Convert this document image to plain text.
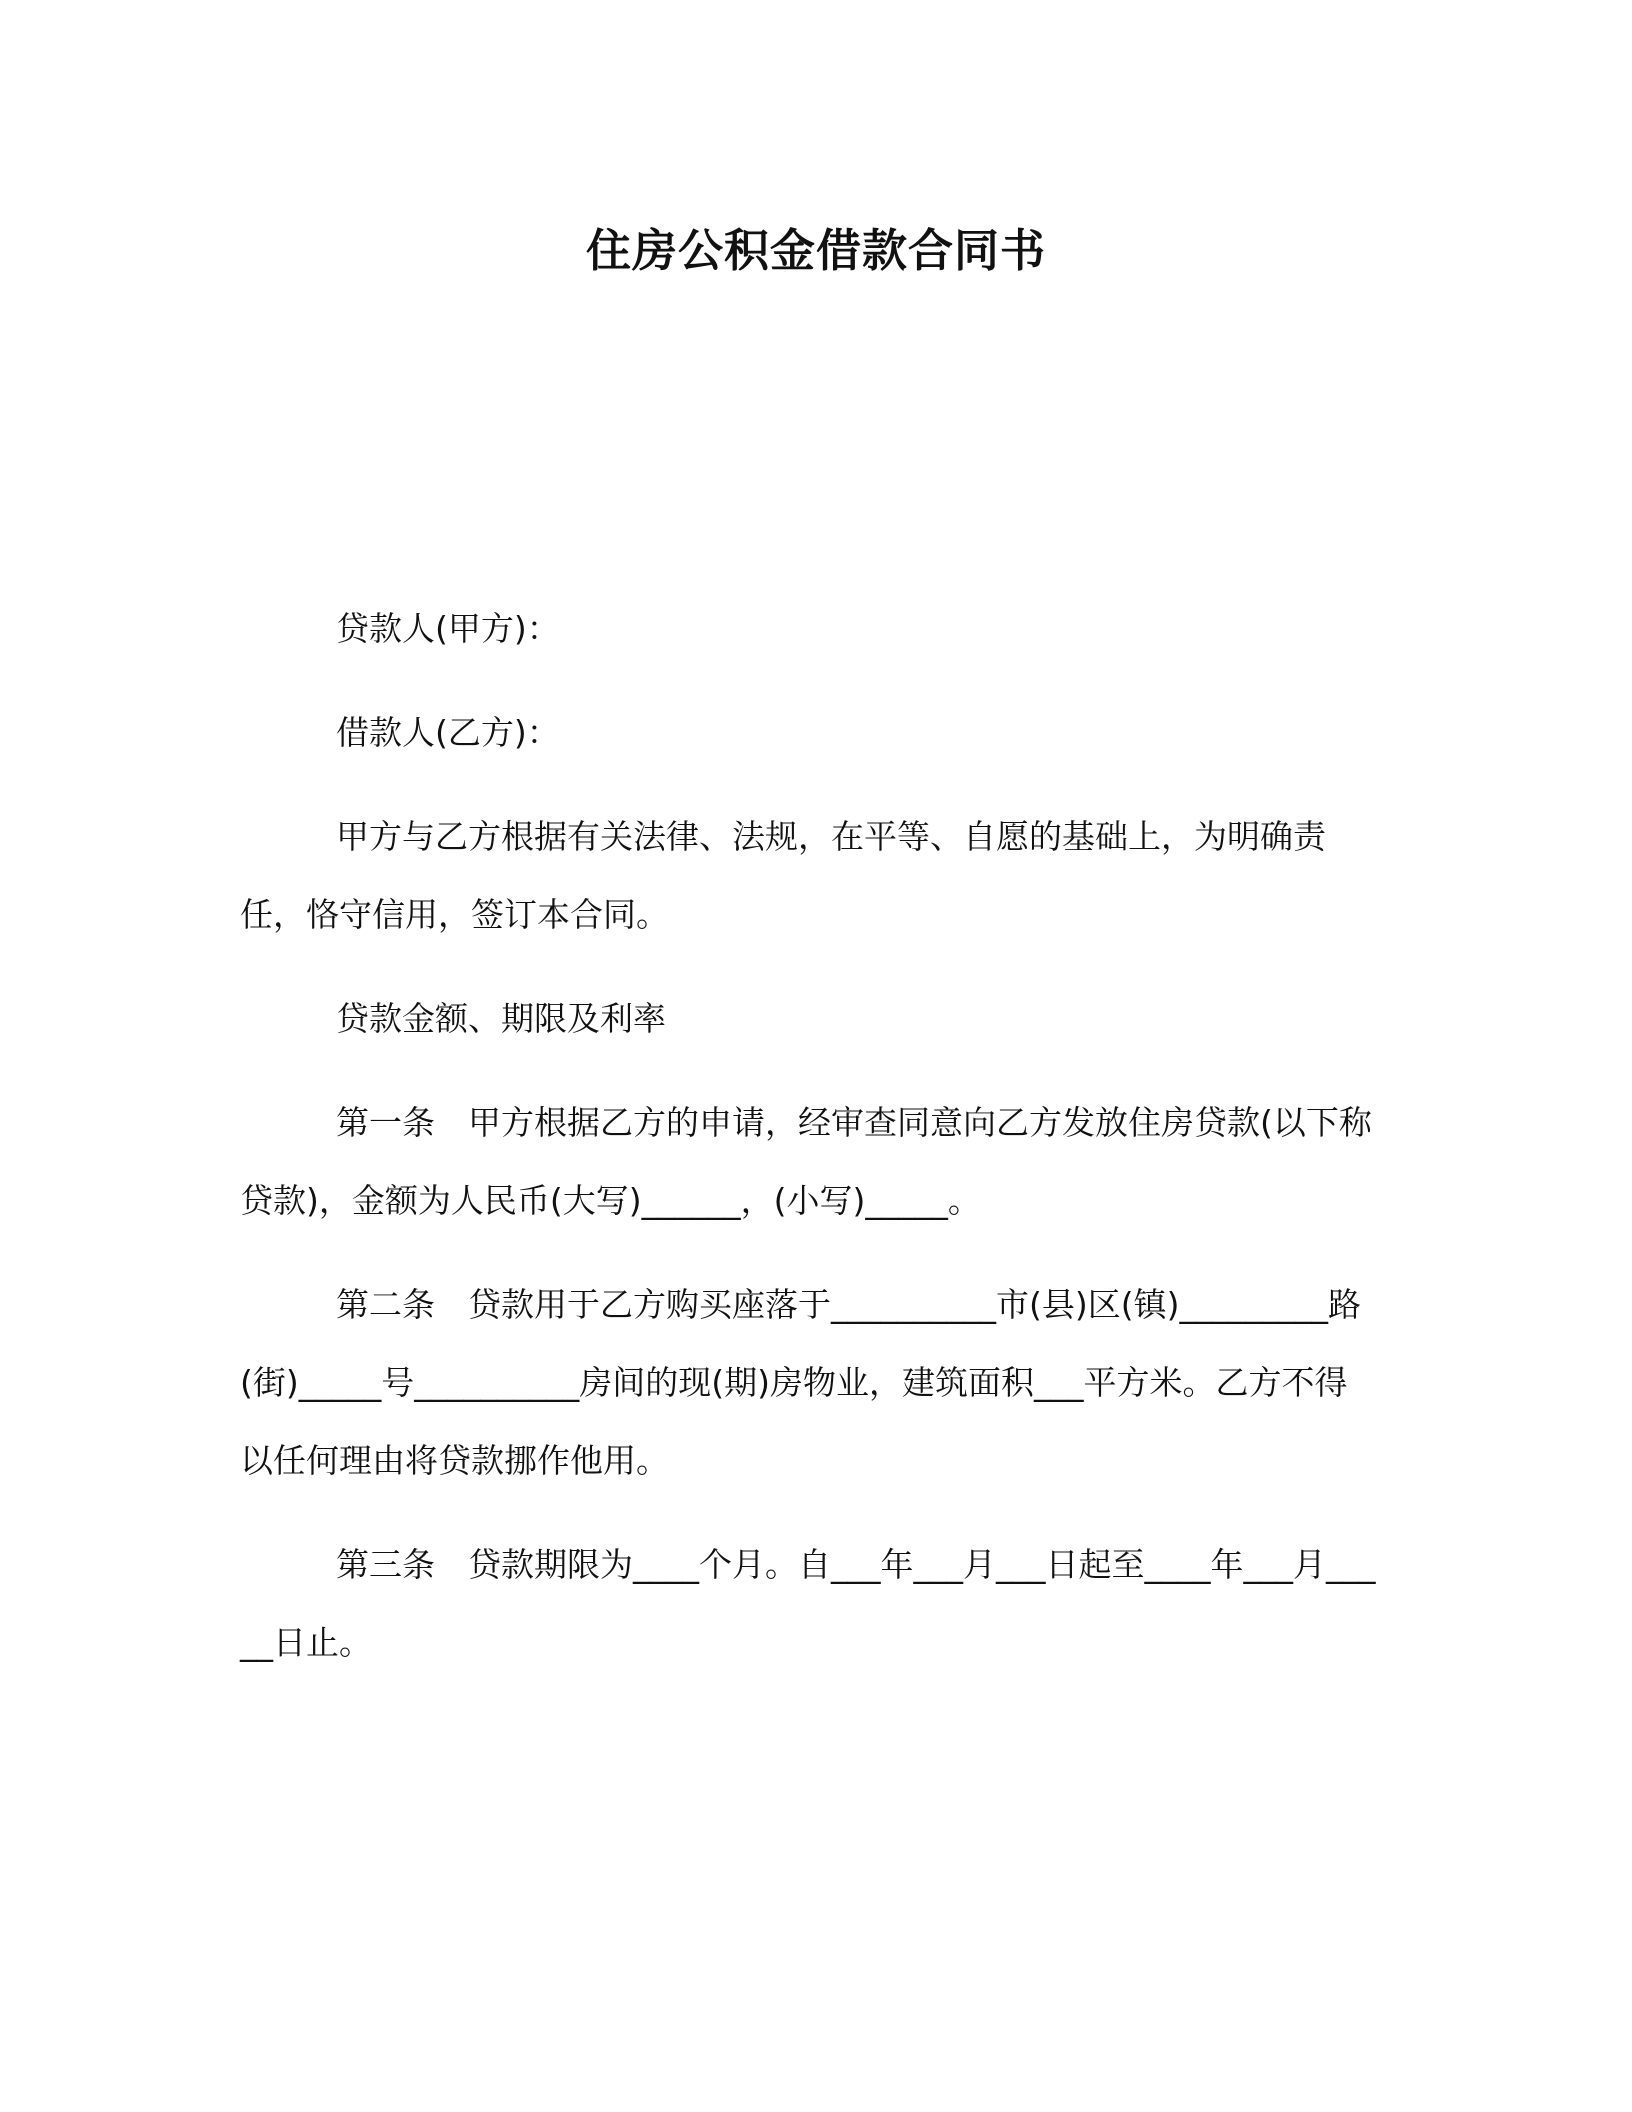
住房公积金借款合同书

贷款人(甲方)：

借款人(乙方)：

甲方与乙方根据有关法律、法规，在平等、自愿的基础上，为明确责任，恪守信用，签订本合同。

贷款金额、期限及利率

第一条　甲方根据乙方的申请，经审查同意向乙方发放住房贷款(以下称贷款)，金额为人民币(大写)______，(小写)_____。

第二条　贷款用于乙方购买座落于__________市(县)区(镇)_________路(街)_____号__________房间的现(期)房物业，建筑面积___平方米。乙方不得以任何理由将贷款挪作他用。

第三条　贷款期限为____个月。自___年___月___日起至____年___月_____日止。
